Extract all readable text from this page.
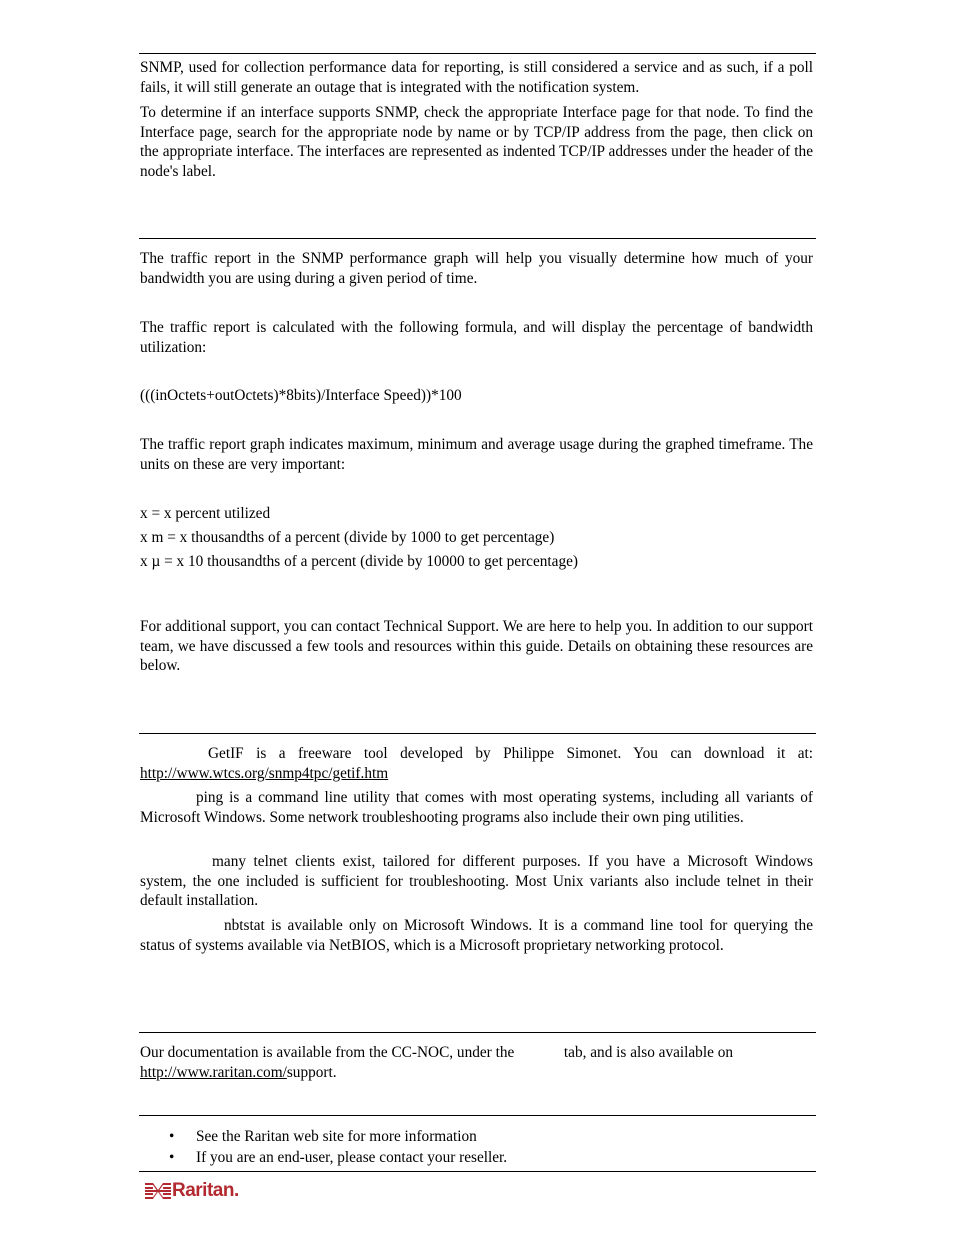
SNMP, used for collection performance data for reporting, is still considered a service and as such, if a poll fails, it will still generate an outage that is integrated with the notification system.

To determine if an interface supports SNMP, check the appropriate Interface page for that node. To find the Interface page, search for the appropriate node by name or by TCP/IP address from the page, then click on the appropriate interface. The interfaces are represented as indented TCP/IP addresses under the header of the node's label.

The traffic report in the SNMP performance graph will help you visually determine how much of your bandwidth you are using during a given period of time.

The traffic report is calculated with the following formula, and will display the percentage of bandwidth utilization:

(((inOctets+outOctets)*8bits)/Interface Speed))*100

The traffic report graph indicates maximum, minimum and average usage during the graphed timeframe. The units on these are very important:

x = x percent utilized

x m = x thousandths of a percent (divide by 1000 to get percentage)

x µ = x 10 thousandths of a percent (divide by 10000 to get percentage)

For additional support, you can contact Technical Support. We are here to help you. In addition to our support team, we have discussed a few tools and resources within this guide. Details on obtaining these resources are below.

GetIF is a freeware tool developed by Philippe Simonet. You can download it at: http://www.wtcs.org/snmp4tpc/getif.htm

ping is a command line utility that comes with most operating systems, including all variants of Microsoft Windows. Some network troubleshooting programs also include their own ping utilities.

many telnet clients exist, tailored for different purposes. If you have a Microsoft Windows system, the one included is sufficient for troubleshooting. Most Unix variants also include telnet in their default installation.

nbtstat is available only on Microsoft Windows. It is a command line tool for querying the status of systems available via NetBIOS, which is a Microsoft proprietary networking protocol.

Our documentation is available from the CC-NOC, under the	tab, and is also available on
http://www.raritan.com/support.

• See the Raritan web site for more information
• If you are an end-user, please contact your reseller.
Raritan.
